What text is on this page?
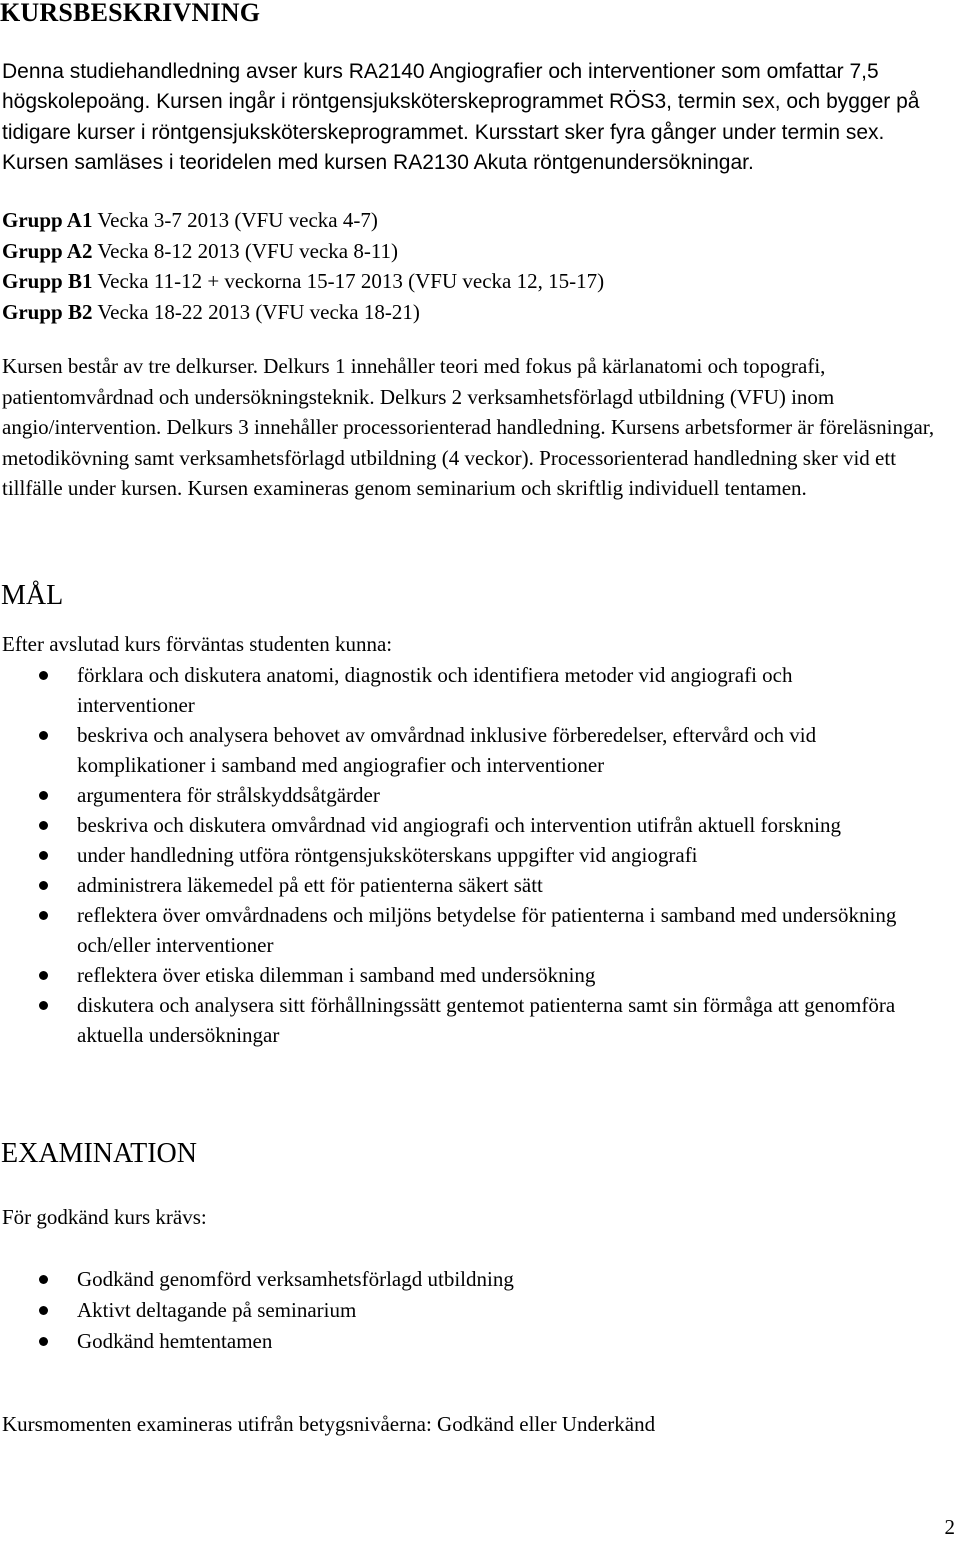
KURSBESKRIVNING

Denna studiehandledning avser kurs RA2140 Angiografier och interventioner som omfattar 7,5 högskolepoäng. Kursen ingår i röntgensjuksköterskeprogrammet RÖS3, termin sex, och bygger på tidigare kurser i röntgensjuksköterskeprogrammet. Kursstart sker fyra gånger under termin sex. Kursen samläses i teoridelen med kursen RA2130 Akuta röntgenundersökningar.

Grupp A1 Vecka 3-7 2013 (VFU vecka 4-7)
Grupp A2 Vecka 8-12 2013 (VFU vecka 8-11)
Grupp B1 Vecka 11-12 + veckorna 15-17 2013 (VFU vecka 12, 15-17)
Grupp B2 Vecka 18-22 2013 (VFU vecka 18-21)

Kursen består av tre delkurser. Delkurs 1 innehåller teori med fokus på kärlanatomi och topografi, patientomvårdnad och undersökningsteknik. Delkurs 2 verksamhetsförlagd utbildning (VFU) inom angio/intervention. Delkurs 3 innehåller processorienterad handledning. Kursens arbetsformer är föreläsningar, metodikövning samt verksamhetsförlagd utbildning (4 veckor). Processorienterad handledning sker vid ett tillfälle under kursen. Kursen examineras genom seminarium och skriftlig individuell tentamen.

MÅL

Efter avslutad kurs förväntas studenten kunna:

förklara och diskutera anatomi, diagnostik och identifiera metoder vid angiografi och interventioner
beskriva och analysera behovet av omvårdnad inklusive förberedelser, eftervård och vid komplikationer i samband med angiografier och interventioner
argumentera för strålskyddsåtgärder
beskriva och diskutera omvårdnad vid angiografi och intervention utifrån aktuell forskning
under handledning utföra röntgensjuksköterskans uppgifter vid angiografi
administrera läkemedel på ett för patienterna säkert sätt
reflektera över omvårdnadens och miljöns betydelse för patienterna i samband med undersökning och/eller interventioner
reflektera över etiska dilemman i samband med undersökning
diskutera och analysera sitt förhållningssätt gentemot patienterna samt sin förmåga att genomföra aktuella undersökningar
EXAMINATION

För godkänd kurs krävs:

Godkänd genomförd verksamhetsförlagd utbildning
Aktivt deltagande på seminarium
Godkänd hemtentamen

Kursmomenten examineras utifrån betygsnivåerna: Godkänd eller Underkänd

2
